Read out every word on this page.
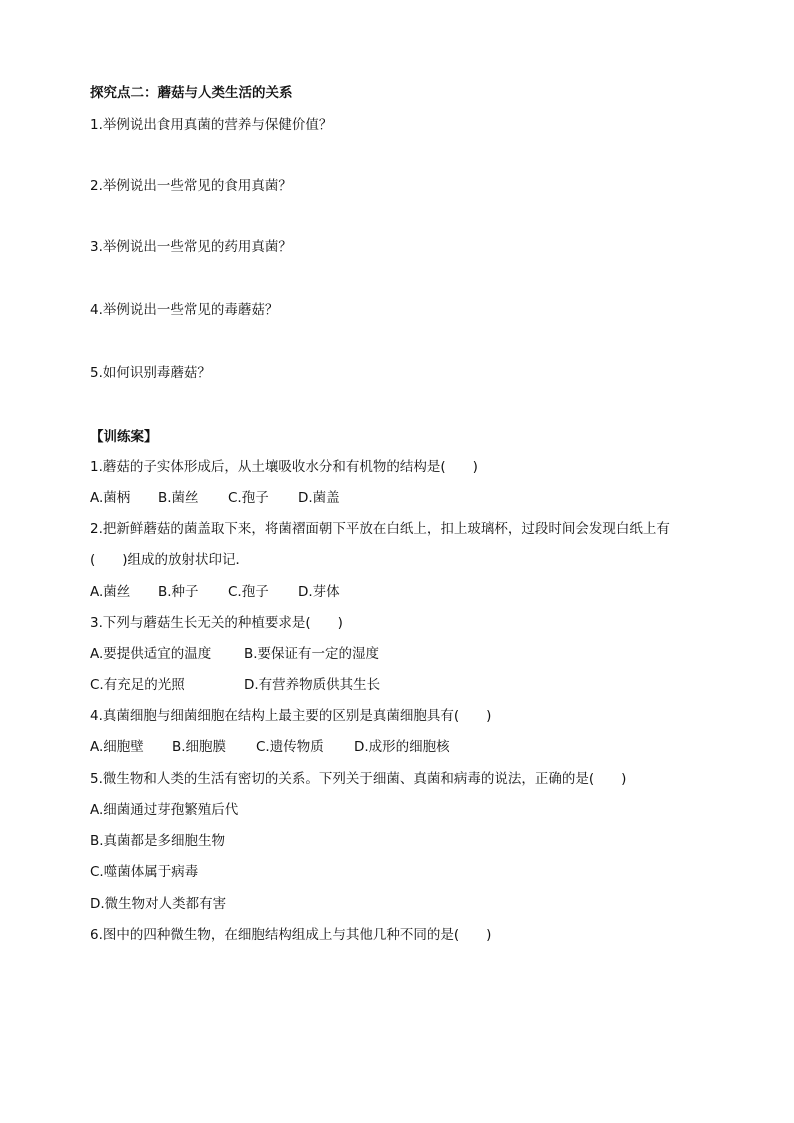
探究点二：蘑菇与人类生活的关系

1.举例说出食用真菌的营养与保健价值？

2.举例说出一些常见的食用真菌？

3.举例说出一些常见的药用真菌？

4.举例说出一些常见的毒蘑菇？

5.如何识别毒蘑菇？

【训练案】

1.蘑菇的子实体形成后，从土壤吸收水分和有机物的结构是(　　)

A.菌柄 B.菌丝 C.孢子 D.菌盖

2.把新鲜蘑菇的菌盖取下来，将菌褶面朝下平放在白纸上，扣上玻璃杯，过段时间会发现白纸上有

(　　)组成的放射状印记．

A.菌丝 B.种子 C.孢子 D.芽体

3.下列与蘑菇生长无关的种植要求是(　　)

A.要提供适宜的温度 B.要保证有一定的湿度
C.有充足的光照	D.有营养物质供其生长

4.真菌细胞与细菌细胞在结构上最主要的区别是真菌细胞具有(　　)

A.细胞壁 B.细胞膜 C.遗传物质 D.成形的细胞核

5.微生物和人类的生活有密切的关系。下列关于细菌、真菌和病毒的说法，正确的是(　　)

A.细菌通过芽孢繁殖后代

B.真菌都是多细胞生物

C.噬菌体属于病毒

D.微生物对人类都有害

6.图中的四种微生物，在细胞结构组成上与其他几种不同的是(　　)
